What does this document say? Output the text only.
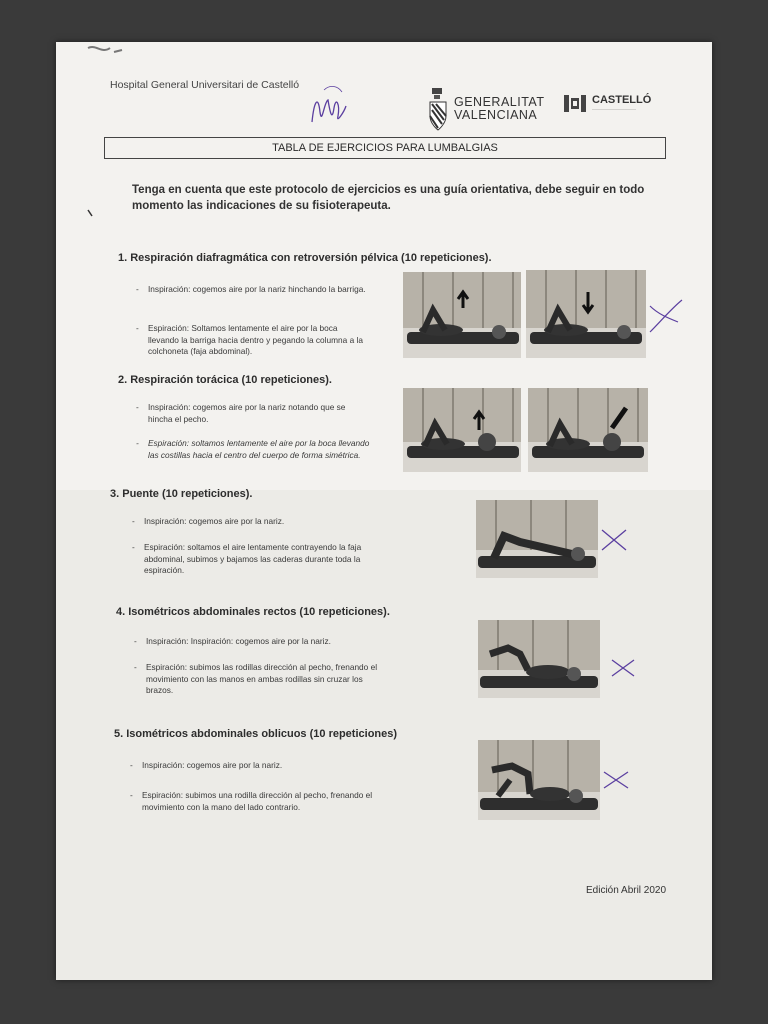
Hospital General Universitari de Castelló
GENERALITAT
VALENCIANA
CASTELLÓ
———————————
TABLA DE EJERCICIOS PARA LUMBALGIAS
Tenga en cuenta que este protocolo de ejercicios es una guía orientativa, debe seguir en todo momento las indicaciones de su fisioterapeuta.
1. Respiración diafragmática con retroversión pélvica (10 repeticiones).
- Inspiración: cogemos aire por la nariz hinchando la barriga.
- Espiración: Soltamos lentamente el aire por la boca llevando la barriga hacia dentro y pegando la columna a la colchoneta (faja abdominal).
2. Respiración torácica (10 repeticiones).
- Inspiración: cogemos aire por la nariz notando que se hincha el pecho.
- Espiración: soltamos lentamente el aire por la boca llevando las costillas hacia el centro del cuerpo de forma simétrica.
3. Puente (10 repeticiones).
- Inspiración: cogemos aire por la nariz.
- Espiración: soltamos el aire lentamente contrayendo la faja abdominal, subimos y bajamos las caderas durante toda la espiración.
4. Isométricos abdominales rectos (10 repeticiones).
- Inspiración: Inspiración: cogemos aire por la nariz.
- Espiración: subimos las rodillas dirección al pecho, frenando el movimiento con las manos en ambas rodillas sin cruzar los brazos.
5. Isométricos abdominales oblicuos (10 repeticiones)
- Inspiración: cogemos aire por la nariz.
- Espiración: subimos una rodilla dirección al pecho, frenando el movimiento con la mano del lado contrario.
Edición Abril 2020
